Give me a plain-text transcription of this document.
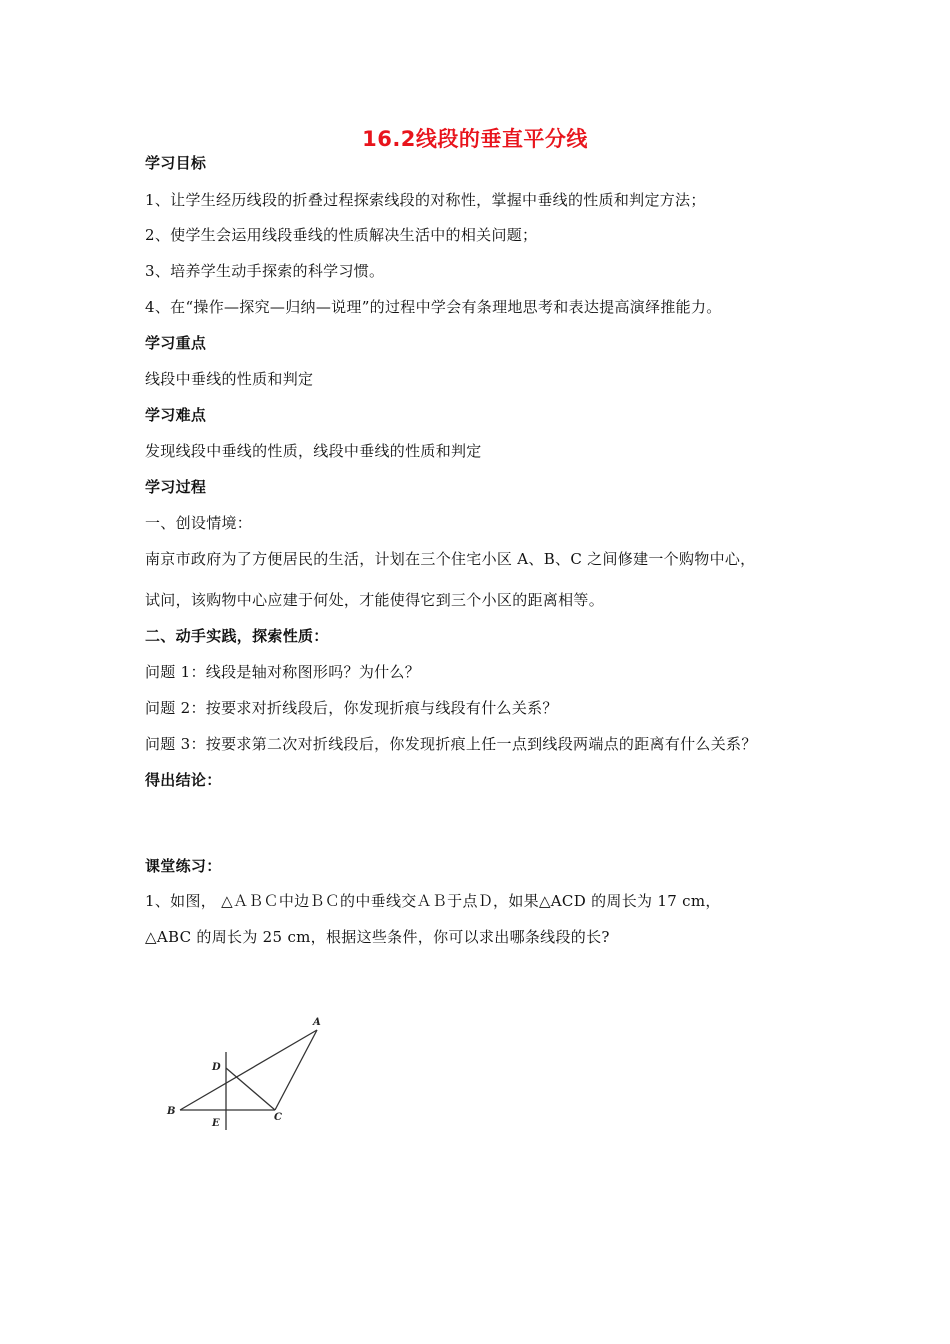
16.2线段的垂直平分线
学习目标
1、让学生经历线段的折叠过程探索线段的对称性，掌握中垂线的性质和判定方法；
2、使学生会运用线段垂线的性质解决生活中的相关问题；
3、培养学生动手探索的科学习惯。
4、在“操作—探究—归纳—说理”的过程中学会有条理地思考和表达提高演绎推能力。
学习重点
线段中垂线的性质和判定
学习难点
发现线段中垂线的性质，线段中垂线的性质和判定
学习过程
一、创设情境：
南京市政府为了方便居民的生活，计划在三个住宅小区 A、B、C 之间修建一个购物中心，
试问，该购物中心应建于何处，才能使得它到三个小区的距离相等。
二、动手实践，探索性质：
问题 1：线段是轴对称图形吗？为什么？
问题 2：按要求对折线段后，你发现折痕与线段有什么关系？
问题 3：按要求第二次对折线段后，你发现折痕上任一点到线段两端点的距离有什么关系？
得出结论：
课堂练习：
1、如图， △ＡＢＣ中边ＢＣ的中垂线交ＡＢ于点Ｄ，如果△ACD 的周长为 17 cm，
△ABC 的周长为 25 cm，根据这些条件，你可以求出哪条线段的长?
A
B
C
D
E
